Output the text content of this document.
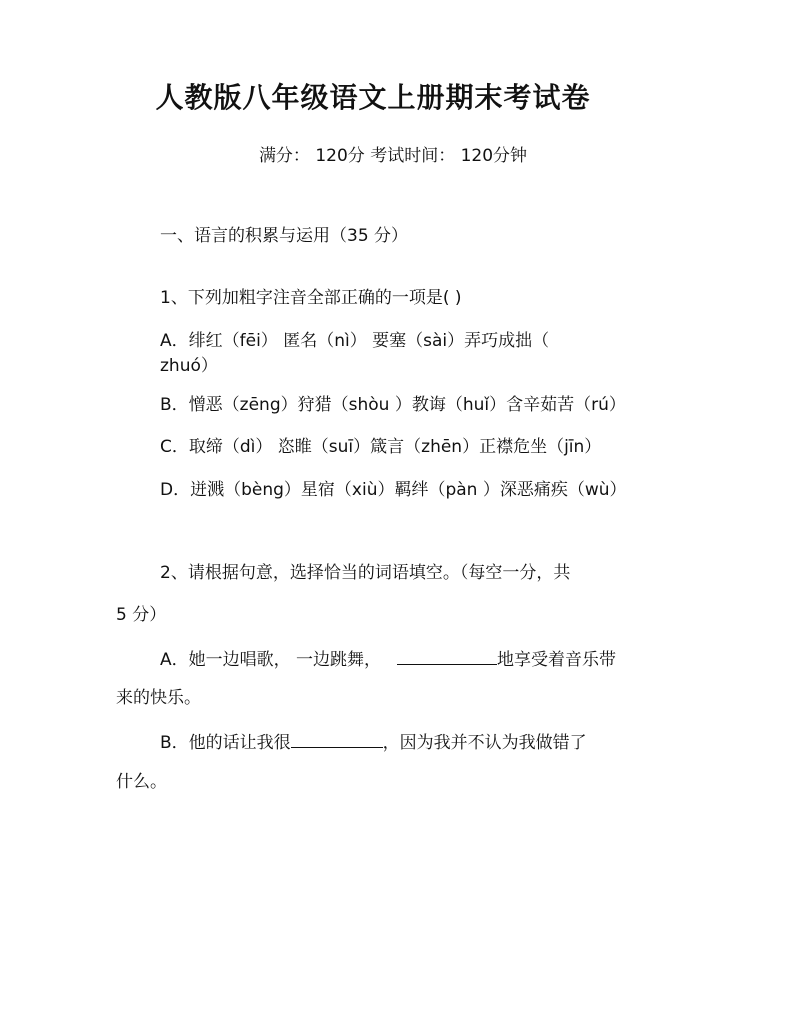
人教版八年级语文上册期末考试卷
满分： 120分 考试时间： 120分钟
一、语言的积累与运用（35 分）
1、下列加粗字注音全部正确的一项是( )
A．绯红（fēi） 匿名（nì） 要塞（sài）弄巧成拙（
zhuó）
B．憎恶（zēng）狩猎（shòu ）教诲（huǐ）含辛茹苦（rú）
C．取缔（dì） 恣睢（suī）箴言（zhēn）正襟危坐（jīn）
D．迸溅（bèng）星宿（xiù）羁绊（pàn ）深恶痛疾（wù）
2、请根据句意，选择恰当的词语填空。（每空一分，共
5 分）
A．她一边唱歌， 一边跳舞，	地享受着音乐带
来的快乐。
B．他的话让我很	，因为我并不认为我做错了
什么。
